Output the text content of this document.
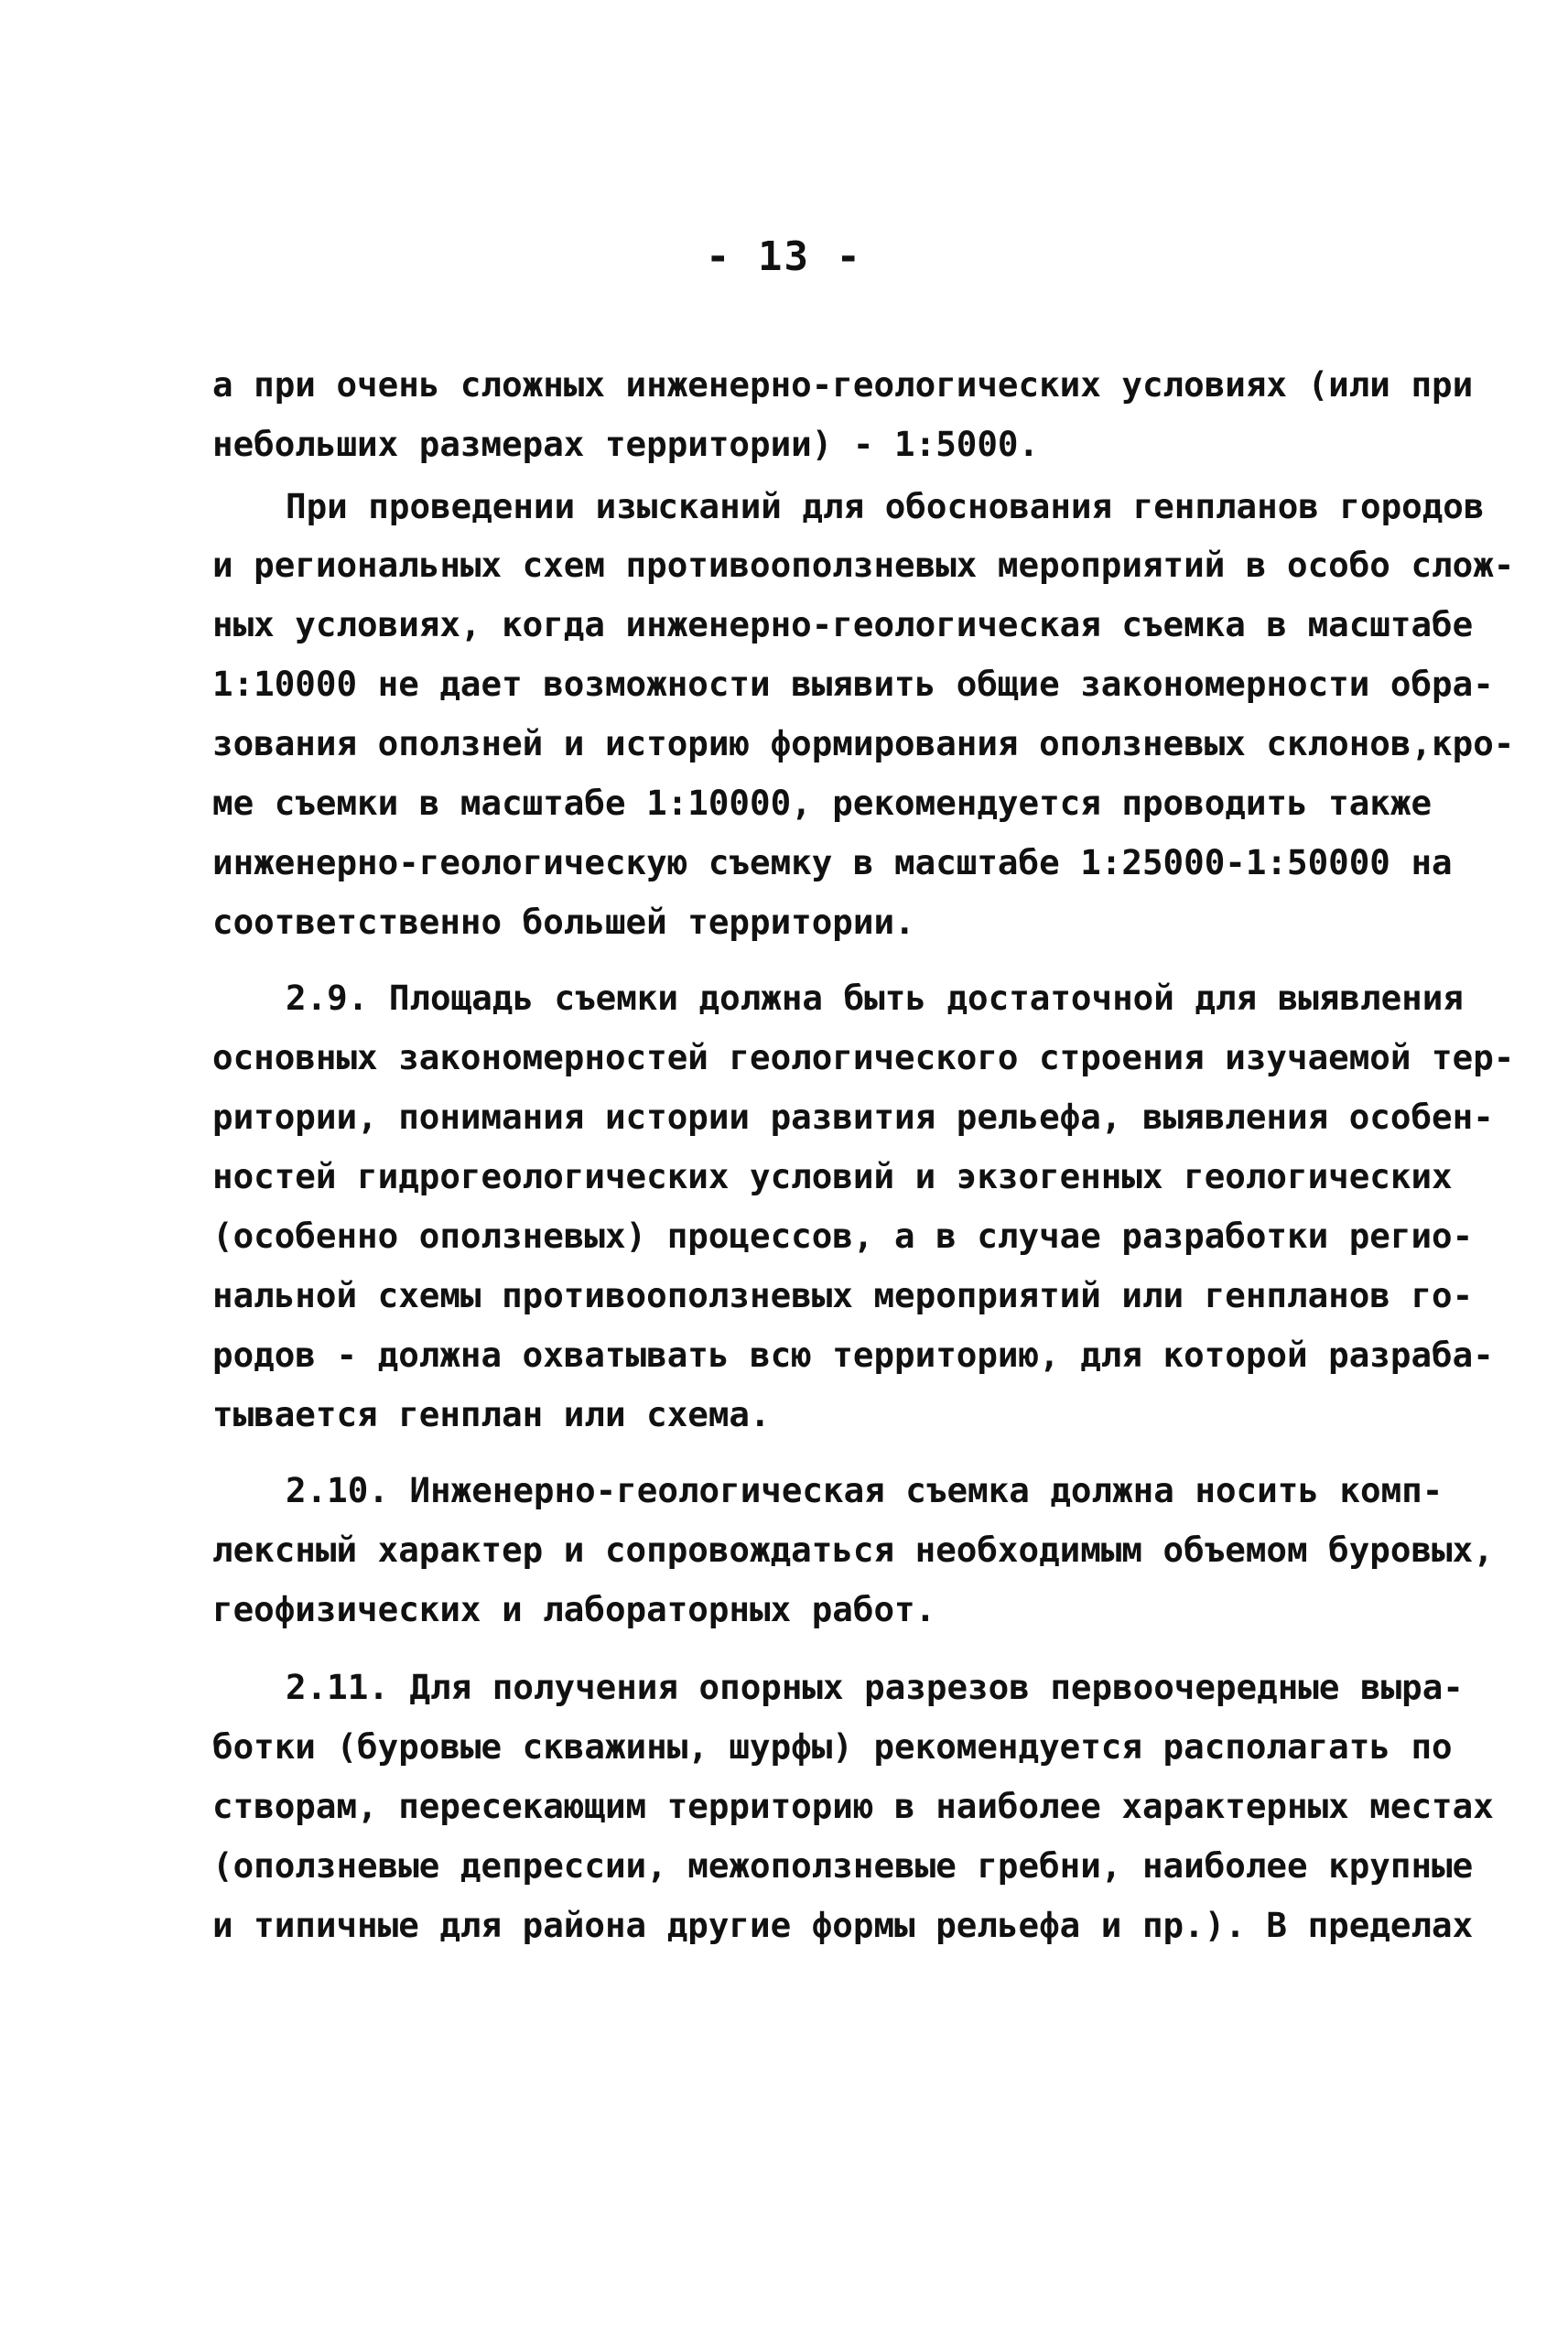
- 13 -
а при очень сложных инженерно-геологических условиях (или при
небольших размерах территории) - 1:5000.
При проведении изысканий для обоснования генпланов городов
и региональных схем противооползневых мероприятий в особо слож-
ных условиях, когда инженерно-геологическая съемка в масштабе
1:10000 не дает возможности выявить общие закономерности обра-
зования оползней и историю формирования оползневых склонов,кро-
ме съемки в масштабе 1:10000, рекомендуется проводить также
инженерно-геологическую съемку в масштабе 1:25000-1:50000 на
соответственно большей территории.
2.9. Площадь съемки должна быть достаточной для выявления
основных закономерностей геологического строения изучаемой тер-
ритории, понимания истории развития рельефа, выявления особен-
ностей гидрогеологических условий и экзогенных геологических
(особенно оползневых) процессов, а в случае разработки регио-
нальной схемы противооползневых мероприятий или генпланов го-
родов - должна охватывать всю территорию, для которой разраба-
тывается генплан или схема.
2.10. Инженерно-геологическая съемка должна носить комп-
лексный характер и сопровождаться необходимым объемом буровых,
геофизических и лабораторных работ.
2.11. Для получения опорных разрезов первоочередные выра-
ботки (буровые скважины, шурфы) рекомендуется располагать по
створам, пересекающим территорию в наиболее характерных местах
(оползневые депрессии, межоползневые гребни, наиболее крупные
и типичные для района другие формы рельефа и пр.). В пределах
